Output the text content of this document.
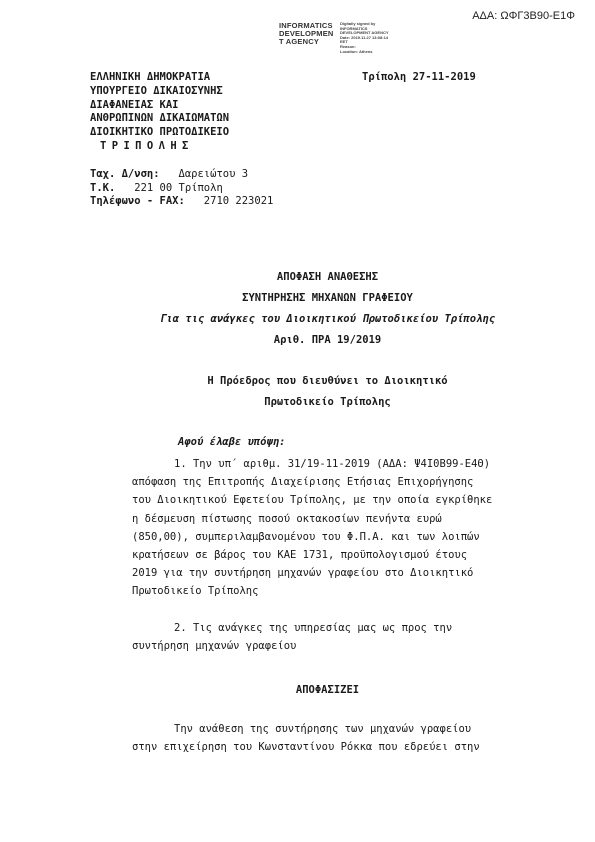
ΑΔΑ: ΩΦΓ3Β90-Ε1Φ
INFORMATICS
DEVELOPMEN
T AGENCY
Digitally signed by
INFORMATICS
DEVELOPMENT AGENCY
Date: 2019.11.27 13:08:14
EET
Reason:
Location: Athens
ΕΛΛΗΝΙΚΗ ΔΗΜΟΚΡΑΤΙΑ
ΥΠΟΥΡΓΕΙΟ ΔΙΚΑΙΟΣΥΝΗΣ
ΔΙΑΦΑΝΕΙΑΣ ΚΑΙ
ΑΝΘΡΩΠΙΝΩΝ ΔΙΚΑΙΩΜΑΤΩΝ
ΔΙΟΙΚΗΤΙΚΟ ΠΡΩΤΟΔΙΚΕΙΟ
ΤΡΙΠΟΛΗΣ
Τρίπολη 27-11-2019
Ταχ. Δ/νση: Δαρειώτου 3
Τ.Κ. 221 00 Τρίπολη
Τηλέφωνο - FAX: 2710 223021
ΑΠΟΦΑΣΗ ΑΝΑΘΕΣΗΣ
ΣΥΝΤΗΡΗΣΗΣ ΜΗΧΑΝΩΝ ΓΡΑΦΕΙΟΥ
Για τις ανάγκες του Διοικητικού Πρωτοδικείου Τρίπολης
Αριθ. ΠΡΑ 19/2019
Η Πρόεδρος που διευθύνει το Διοικητικό
Πρωτοδικείο Τρίπολης
Αφού έλαβε υπόψη:
1. Την υπ΄ αριθμ. 31/19-11-2019 (ΑΔΑ: Ψ4Ι0Β99-Ε4Θ)
απόφαση της Επιτροπής Διαχείρισης Ετήσιας Επιχορήγησης
του Διοικητικού Εφετείου Τρίπολης, με την οποία εγκρίθηκε
η δέσμευση πίστωσης ποσού οκτακοσίων πενήντα ευρώ
(850,00), συμπεριλαμβανομένου του Φ.Π.Α. και των λοιπών
κρατήσεων σε βάρος του ΚΑΕ 1731, προϋπολογισμού έτους
2019 για την συντήρηση μηχανών γραφείου στο Διοικητικό
Πρωτοδικείο Τρίπολης
2. Τις ανάγκες της υπηρεσίας μας ως προς την
συντήρηση μηχανών γραφείου
ΑΠΟΦΑΣΙΖΕΙ
Την ανάθεση της συντήρησης των μηχανών γραφείου
στην επιχείρηση του Κωνσταντίνου Ρόκκα που εδρεύει στην
